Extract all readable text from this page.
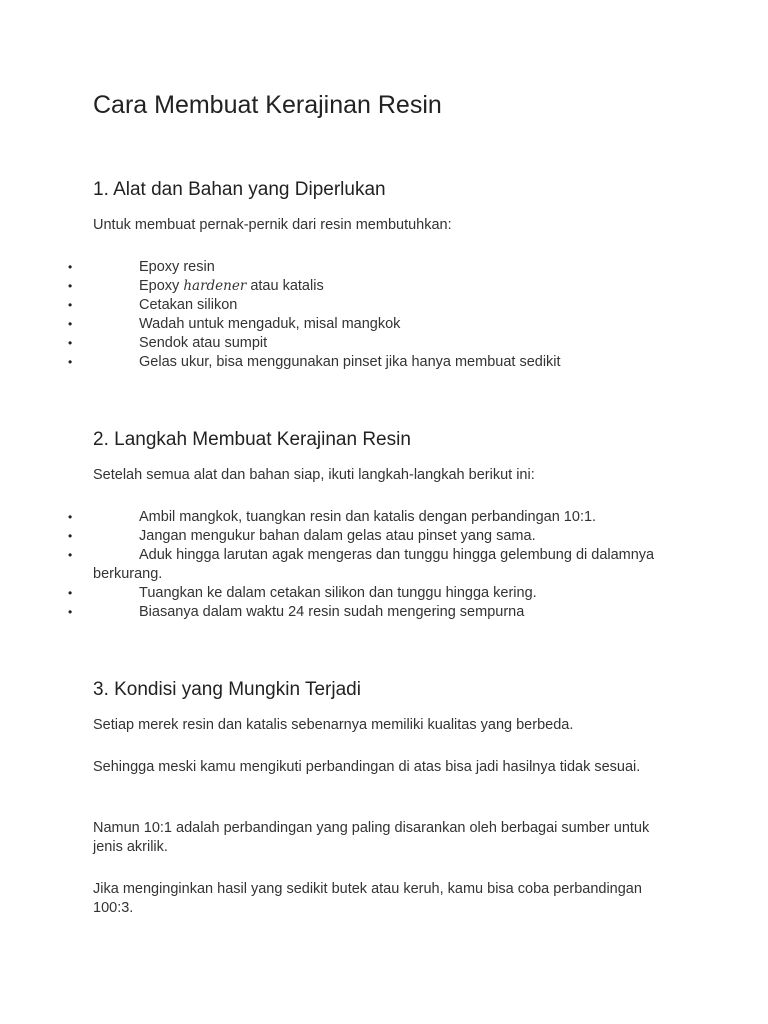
Cara Membuat Kerajinan Resin
1. Alat dan Bahan yang Diperlukan

Untuk membuat pernak-pernik dari resin membutuhkan:

•	Epoxy resin
•	Epoxy hardener atau katalis
•	Cetakan silikon
•	Wadah untuk mengaduk, misal mangkok
•	Sendok atau sumpit
•	Gelas ukur, bisa menggunakan pinset jika hanya membuat sedikit
2. Langkah Membuat Kerajinan Resin

Setelah semua alat dan bahan siap, ikuti langkah-langkah berikut ini:

•	Ambil mangkok, tuangkan resin dan katalis dengan perbandingan 10:1.
•	Jangan mengukur bahan dalam gelas atau pinset yang sama.
•	Aduk hingga larutan agak mengeras dan tunggu hingga gelembung di dalamnya berkurang.
•	Tuangkan ke dalam cetakan silikon dan tunggu hingga kering.
•	Biasanya dalam waktu 24 resin sudah mengering sempurna
3. Kondisi yang Mungkin Terjadi

Setiap merek resin dan katalis sebenarnya memiliki kualitas yang berbeda.

Sehingga meski kamu mengikuti perbandingan di atas bisa jadi hasilnya tidak sesuai.

Namun 10:1 adalah perbandingan yang paling disarankan oleh berbagai sumber untuk jenis akrilik.

Jika menginginkan hasil yang sedikit butek atau keruh, kamu bisa coba perbandingan 100:3.
